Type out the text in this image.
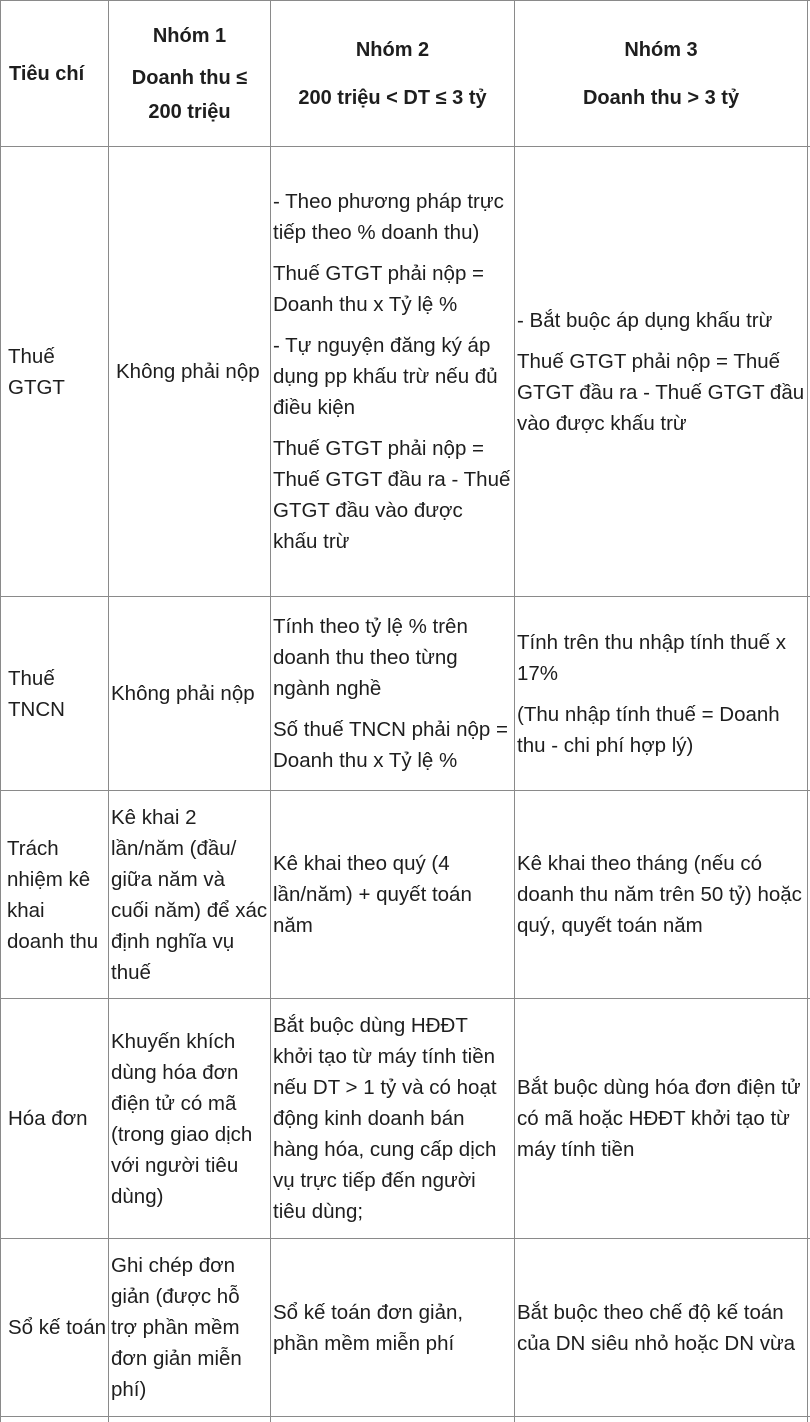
Tiêu chí
Nhóm 1
Doanh thu ≤
200 triệu
Nhóm 2
200 triệu < DT ≤ 3 tỷ
Nhóm 3
Doanh thu > 3 tỷ

Thuế GTGT

Không phải nộp

- Theo phương pháp trực tiếp theo % doanh thu)

Thuế GTGT phải nộp = Doanh thu x Tỷ lệ %

- Tự nguyện đăng ký áp dụng pp khấu trừ nếu đủ điều kiện

Thuế GTGT phải nộp = Thuế GTGT đầu ra - Thuế GTGT đầu vào được khấu trừ

- Bắt buộc áp dụng khấu trừ

Thuế GTGT phải nộp = Thuế GTGT đầu ra - Thuế GTGT đầu vào được khấu trừ

Thuế TNCN

Không phải nộp

Tính theo tỷ lệ % trên doanh thu theo từng ngành nghề

Số thuế TNCN phải nộp = Doanh thu x Tỷ lệ %

Tính trên thu nhập tính thuế x 17%

(Thu nhập tính thuế = Doanh thu - chi phí hợp lý)

Trách nhiệm kê khai doanh thu

Kê khai 2 lần/năm (đầu/ giữa năm và cuối năm) để xác định nghĩa vụ thuế

Kê khai theo quý (4 lần/năm) + quyết toán năm

Kê khai theo tháng (nếu có doanh thu năm trên 50 tỷ) hoặc quý, quyết toán năm

Hóa đơn

Khuyến khích dùng hóa đơn điện tử có mã (trong giao dịch với người tiêu dùng)

Bắt buộc dùng HĐĐT khởi tạo từ máy tính tiền nếu DT > 1 tỷ và có hoạt động kinh doanh bán hàng hóa, cung cấp dịch vụ trực tiếp đến người tiêu dùng;

Bắt buộc dùng hóa đơn điện tử có mã hoặc HĐĐT khởi tạo từ máy tính tiền

Sổ kế toán

Ghi chép đơn giản (được hỗ trợ phần mềm đơn giản miễn phí)

Sổ kế toán đơn giản, phần mềm miễn phí

Bắt buộc theo chế độ kế toán của DN siêu nhỏ hoặc DN vừa
